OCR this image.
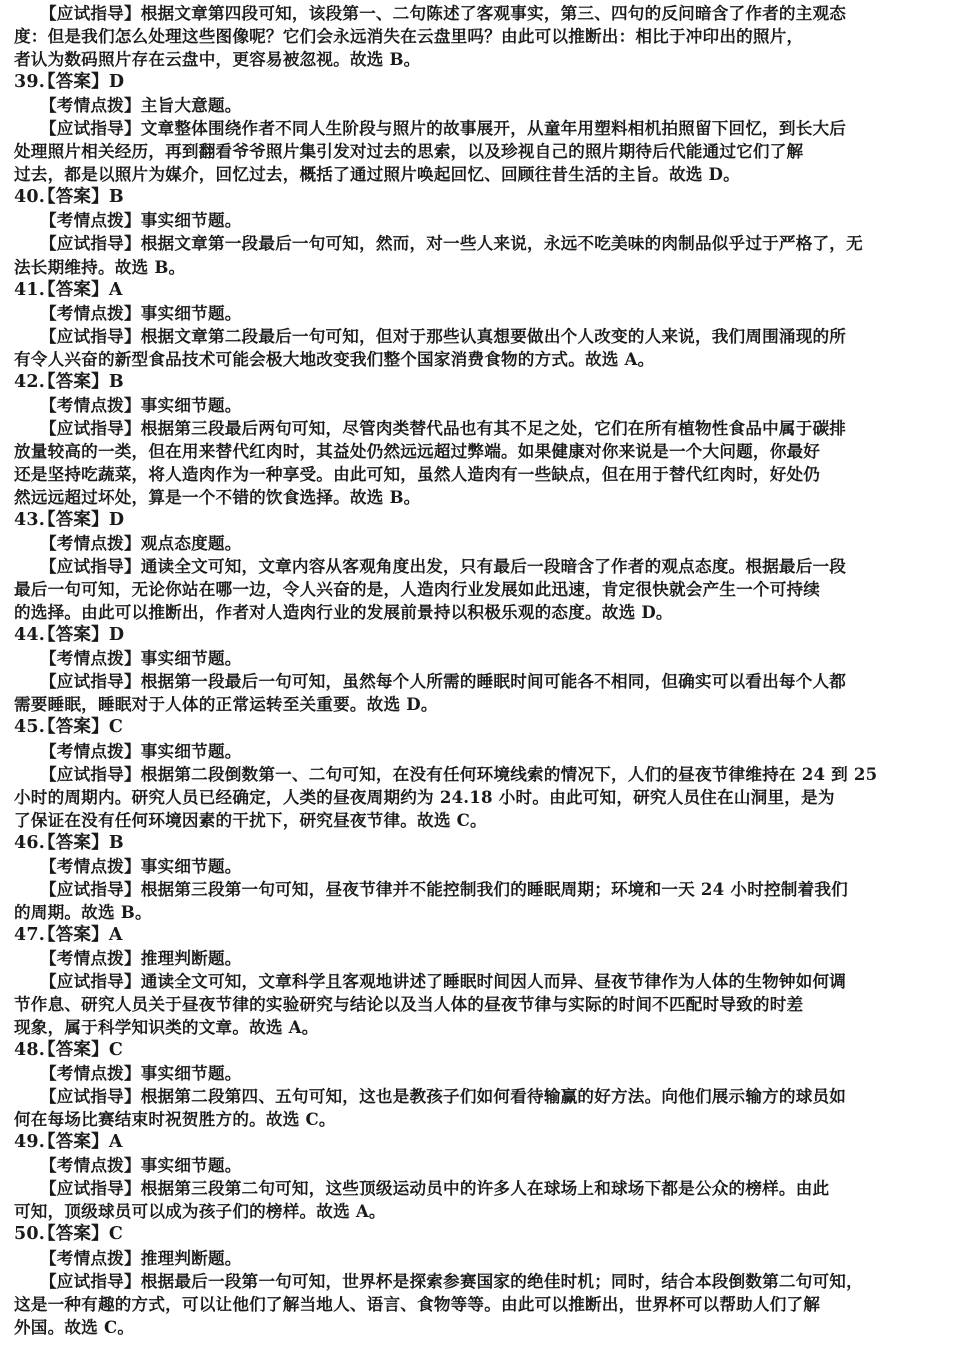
【应试指导】根据文章第四段可知，该段第一、二句陈述了客观事实，第三、四句的反问暗含了作者的主观态
度：但是我们怎么处理这些图像呢？它们会永远消失在云盘里吗？由此可以推断出：相比于冲印出的照片，
者认为数码照片存在云盘中，更容易被忽视。故选 B。
39.【答案】D
【考情点拨】主旨大意题。
【应试指导】文章整体围绕作者不同人生阶段与照片的故事展开，从童年用塑料相机拍照留下回忆，到长大后
处理照片相关经历，再到翻看爷爷照片集引发对过去的思索，以及珍视自己的照片期待后代能通过它们了解
过去，都是以照片为媒介，回忆过去，概括了通过照片唤起回忆、回顾往昔生活的主旨。故选 D。
40.【答案】B
【考情点拨】事实细节题。
【应试指导】根据文章第一段最后一句可知，然而，对一些人来说，永远不吃美味的肉制品似乎过于严格了，无
法长期维持。故选 B。
41.【答案】A
【考情点拨】事实细节题。
【应试指导】根据文章第二段最后一句可知，但对于那些认真想要做出个人改变的人来说，我们周围涌现的所
有令人兴奋的新型食品技术可能会极大地改变我们整个国家消费食物的方式。故选 A。
42.【答案】B
【考情点拨】事实细节题。
【应试指导】根据第三段最后两句可知，尽管肉类替代品也有其不足之处，它们在所有植物性食品中属于碳排
放量较高的一类，但在用来替代红肉时，其益处仍然远远超过弊端。如果健康对你来说是一个大问题，你最好
还是坚持吃蔬菜，将人造肉作为一种享受。由此可知，虽然人造肉有一些缺点，但在用于替代红肉时，好处仍
然远远超过坏处，算是一个不错的饮食选择。故选 B。
43.【答案】D
【考情点拨】观点态度题。
【应试指导】通读全文可知，文章内容从客观角度出发，只有最后一段暗含了作者的观点态度。根据最后一段
最后一句可知，无论你站在哪一边，令人兴奋的是，人造肉行业发展如此迅速，肯定很快就会产生一个可持续
的选择。由此可以推断出，作者对人造肉行业的发展前景持以积极乐观的态度。故选 D。
44.【答案】D
【考情点拨】事实细节题。
【应试指导】根据第一段最后一句可知，虽然每个人所需的睡眠时间可能各不相同，但确实可以看出每个人都
需要睡眠，睡眠对于人体的正常运转至关重要。故选 D。
45.【答案】C
【考情点拨】事实细节题。
【应试指导】根据第二段倒数第一、二句可知，在没有任何环境线索的情况下，人们的昼夜节律维持在 24 到 25
小时的周期内。研究人员已经确定，人类的昼夜周期约为 24.18 小时。由此可知，研究人员住在山洞里，是为
了保证在没有任何环境因素的干扰下，研究昼夜节律。故选 C。
46.【答案】B
【考情点拨】事实细节题。
【应试指导】根据第三段第一句可知，昼夜节律并不能控制我们的睡眠周期；环境和一天 24 小时控制着我们
的周期。故选 B。
47.【答案】A
【考情点拨】推理判断题。
【应试指导】通读全文可知，文章科学且客观地讲述了睡眠时间因人而异、昼夜节律作为人体的生物钟如何调
节作息、研究人员关于昼夜节律的实验研究与结论以及当人体的昼夜节律与实际的时间不匹配时导致的时差
现象，属于科学知识类的文章。故选 A。
48.【答案】C
【考情点拨】事实细节题。
【应试指导】根据第二段第四、五句可知，这也是教孩子们如何看待输赢的好方法。向他们展示输方的球员如
何在每场比赛结束时祝贺胜方的。故选 C。
49.【答案】A
【考情点拨】事实细节题。
【应试指导】根据第三段第二句可知，这些顶级运动员中的许多人在球场上和球场下都是公众的榜样。由此
可知，顶级球员可以成为孩子们的榜样。故选 A。
50.【答案】C
【考情点拨】推理判断题。
【应试指导】根据最后一段第一句可知，世界杯是探索参赛国家的绝佳时机；同时，结合本段倒数第二句可知，
这是一种有趣的方式，可以让他们了解当地人、语言、食物等等。由此可以推断出，世界杯可以帮助人们了解
外国。故选 C。
